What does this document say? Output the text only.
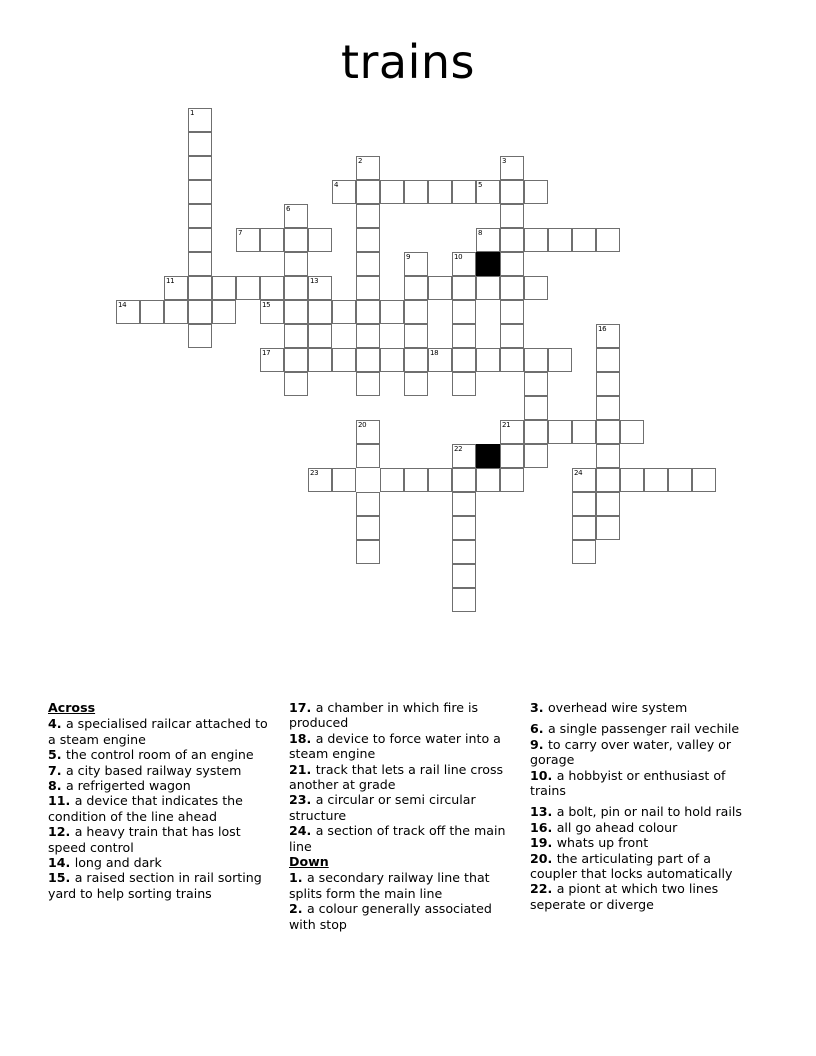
trains
1
2	3
4	5
6
7	8
9	10
11
14	15
13
17	18
16
20	21
22
23	24
Across
4. a specialised railcar attached to a steam engine
5. the control room of an engine
7. a city based railway system
8. a refrigerted wagon
11. a device that indicates the condition of the line ahead
12. a heavy train that has lost speed control
14. long and dark
15. a raised section in rail sorting yard to help sorting trains
17. a chamber in which fire is produced
18. a device to force water into a steam engine
21. track that lets a rail line cross another at grade
23. a circular or semi circular structure
24. a section of track off the main line
Down
1. a secondary railway line that splits form the main line
2. a colour generally associated with stop
3. overhead wire system
6. a single passenger rail vechile
9. to carry over water, valley or gorage
10. a hobbyist or enthusiast of trains
13. a bolt, pin or nail to hold rails
16. all go ahead colour
19. whats up front
20. the articulating part of a coupler that locks automatically
22. a piont at which two lines seperate or diverge
